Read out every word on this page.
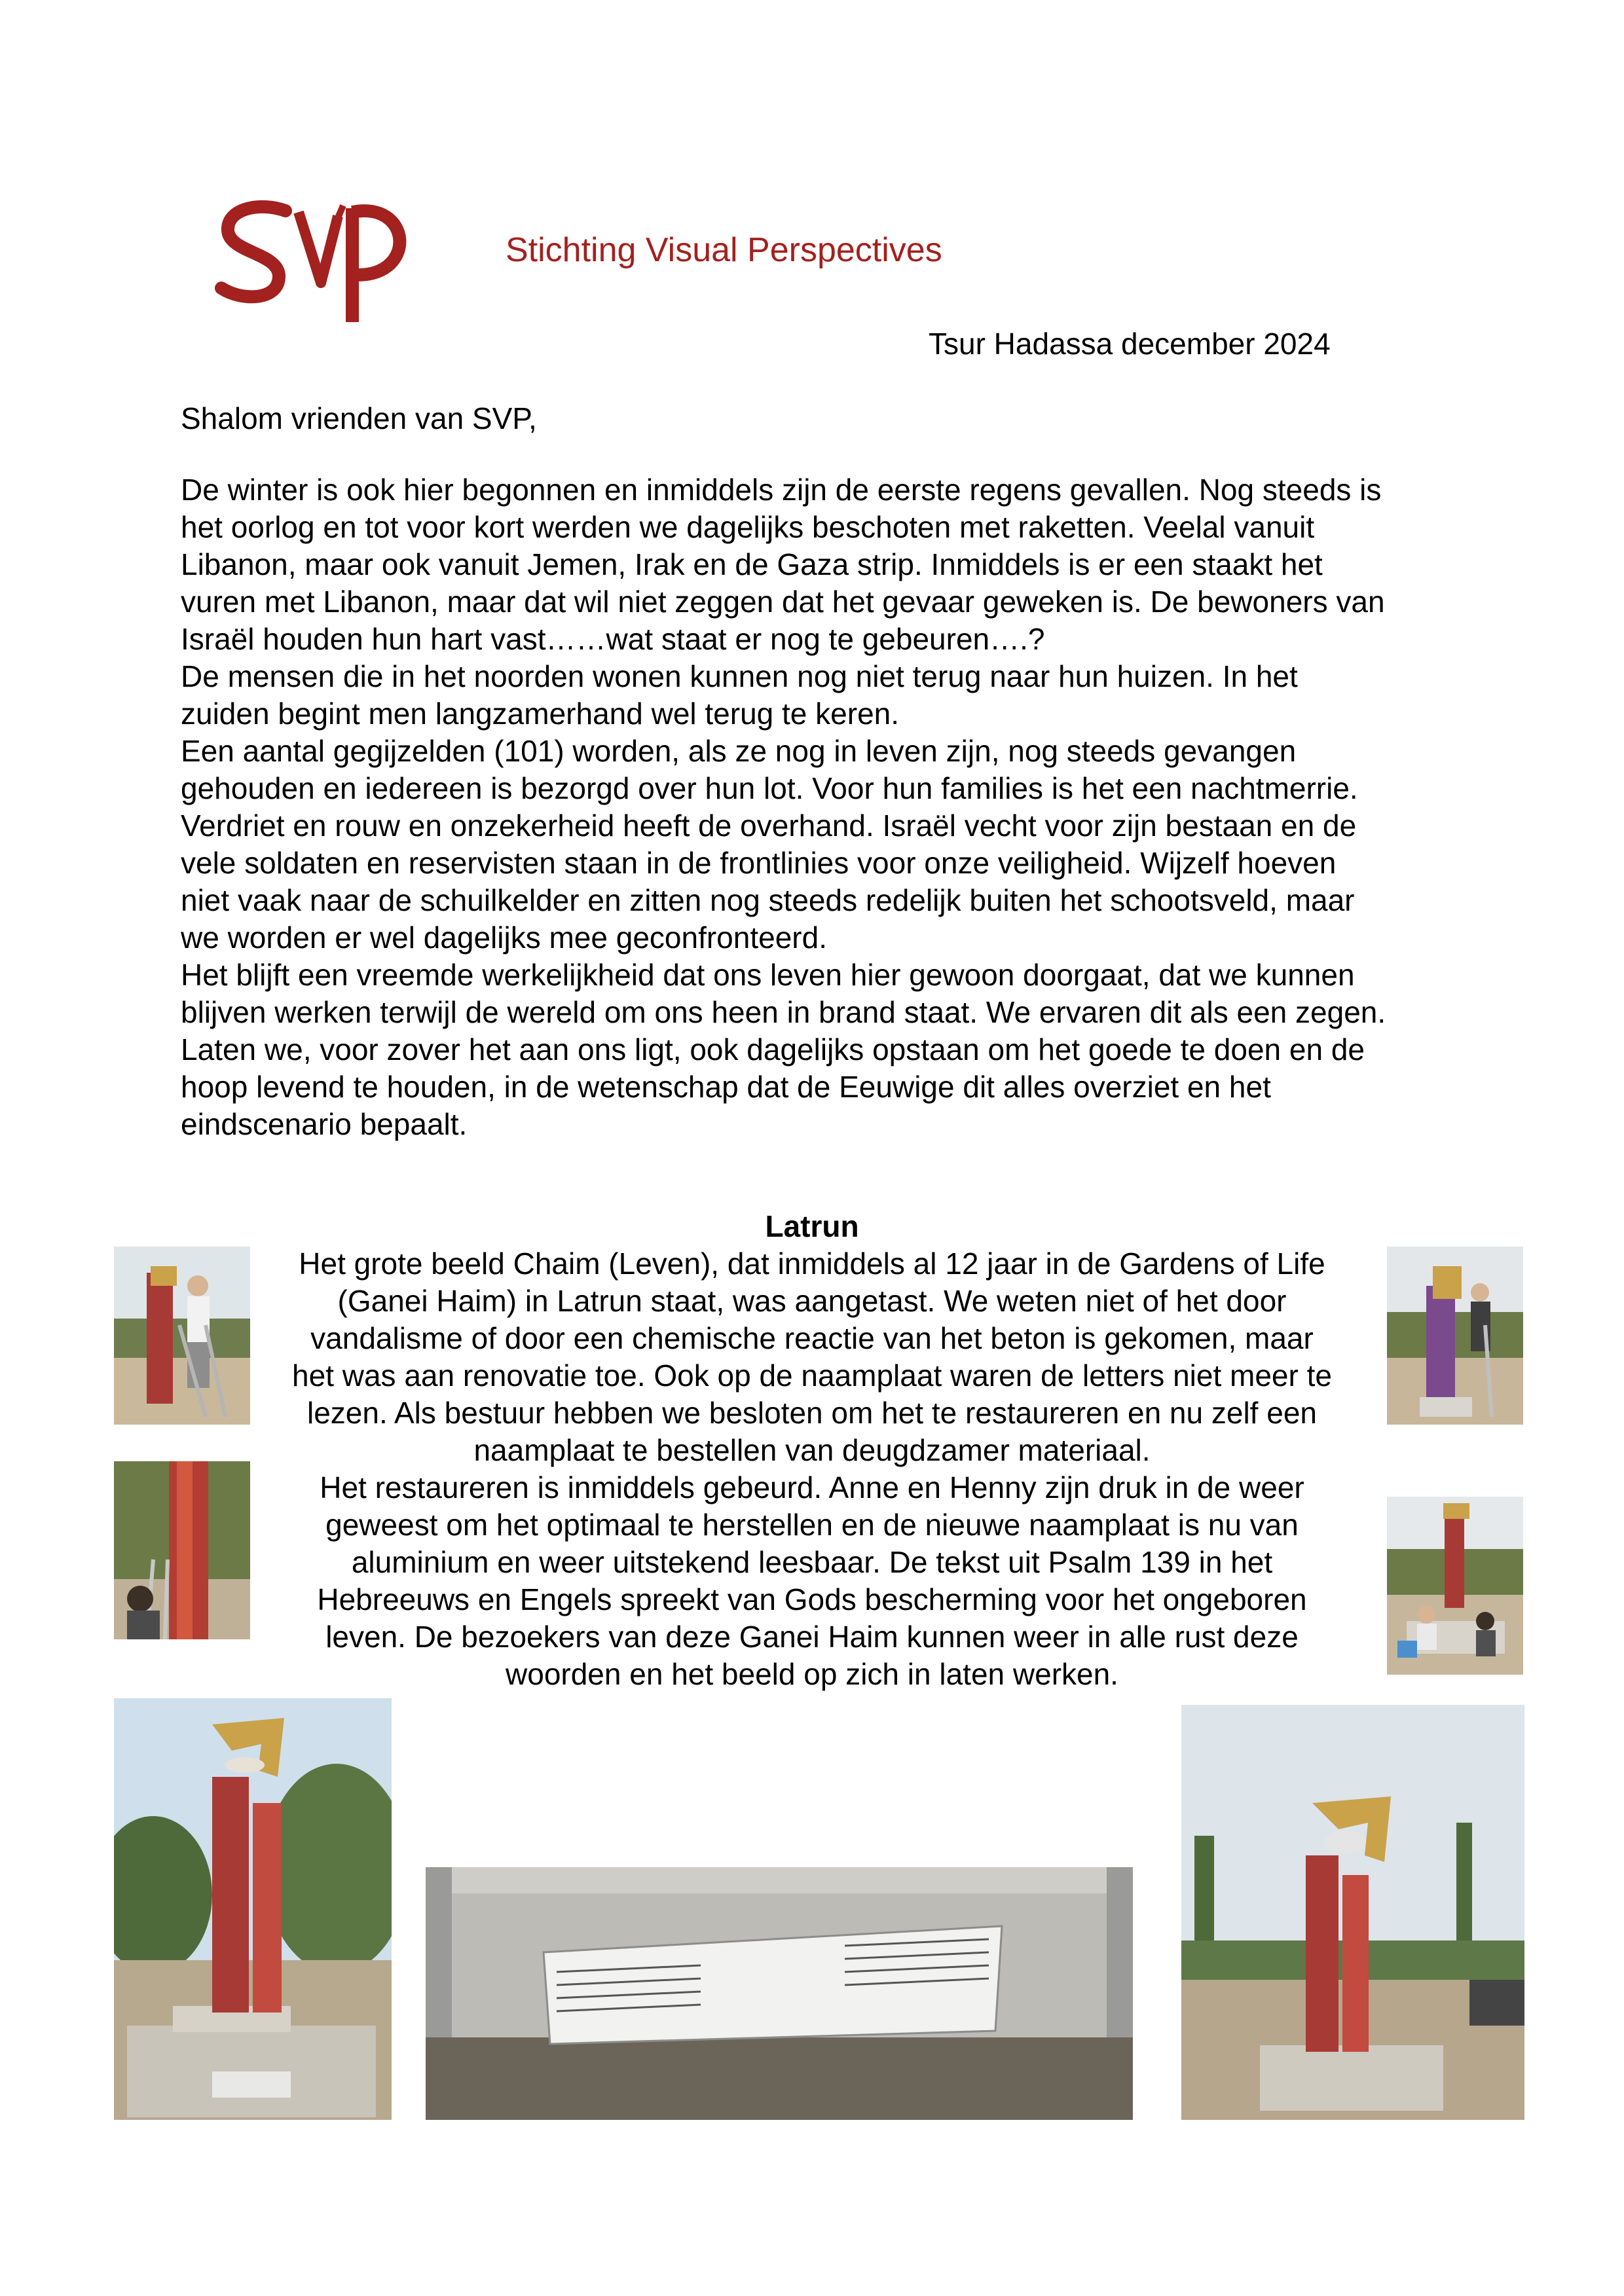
Stichting Visual Perspectives
Tsur Hadassa december 2024
Shalom vrienden van SVP,

De winter is ook hier begonnen en inmiddels zijn de eerste regens gevallen. Nog steeds is

het oorlog en tot voor kort werden we dagelijks beschoten met raketten. Veelal vanuit

Libanon, maar ook vanuit Jemen, Irak en de Gaza strip. Inmiddels is er een staakt het

vuren met Libanon, maar dat wil niet zeggen dat het gevaar geweken is. De bewoners van

Israël houden hun hart vast……wat staat er nog te gebeuren….?

De mensen die in het noorden wonen kunnen nog niet terug naar hun huizen. In het

zuiden begint men langzamerhand wel terug te keren.

Een aantal gegijzelden (101) worden, als ze nog in leven zijn, nog steeds gevangen

gehouden en iedereen is bezorgd over hun lot. Voor hun families is het een nachtmerrie.

Verdriet en rouw en onzekerheid heeft de overhand. Israël vecht voor zijn bestaan en de

vele soldaten en reservisten staan in de frontlinies voor onze veiligheid. Wijzelf hoeven

niet vaak naar de schuilkelder en zitten nog steeds redelijk buiten het schootsveld, maar

we worden er wel dagelijks mee geconfronteerd.

Het blijft een vreemde werkelijkheid dat ons leven hier gewoon doorgaat, dat we kunnen

blijven werken terwijl de wereld om ons heen in brand staat. We ervaren dit als een zegen.

Laten we, voor zover het aan ons ligt, ook dagelijks opstaan om het goede te doen en de

hoop levend te houden, in de wetenschap dat de Eeuwige dit alles overziet en het

eindscenario bepaalt.

Latrun

Het grote beeld Chaim (Leven), dat inmiddels al 12 jaar in de Gardens of Life

(Ganei Haim) in Latrun staat, was aangetast. We weten niet of het door

vandalisme of door een chemische reactie van het beton is gekomen, maar

het was aan renovatie toe. Ook op de naamplaat waren de letters niet meer te

lezen. Als bestuur hebben we besloten om het te restaureren en nu zelf een

naamplaat te bestellen van deugdzamer materiaal.

Het restaureren is inmiddels gebeurd. Anne en Henny zijn druk in de weer

geweest om het optimaal te herstellen en de nieuwe naamplaat is nu van

aluminium en weer uitstekend leesbaar. De tekst uit Psalm 139 in het

Hebreeuws en Engels spreekt van Gods bescherming voor het ongeboren

leven. De bezoekers van deze Ganei Haim kunnen weer in alle rust deze

woorden en het beeld op zich in laten werken.
